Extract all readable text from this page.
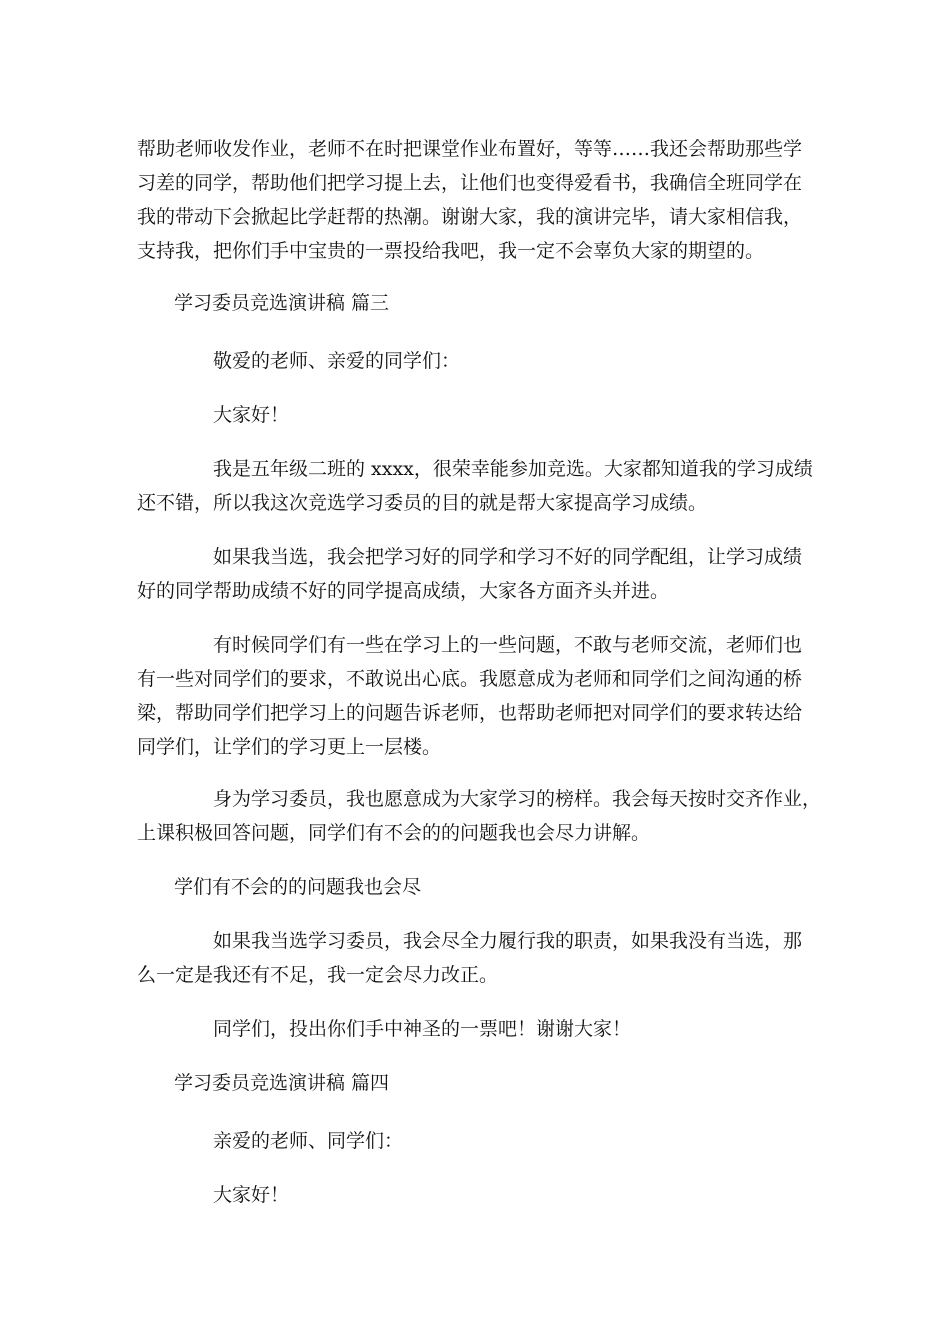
帮助老师收发作业，老师不在时把课堂作业布置好，等等……我还会帮助那些学
习差的同学，帮助他们把学习提上去，让他们也变得爱看书，我确信全班同学在
我的带动下会掀起比学赶帮的热潮。谢谢大家，我的演讲完毕，请大家相信我，
支持我，把你们手中宝贵的一票投给我吧，我一定不会辜负大家的期望的。
学习委员竞选演讲稿 篇三
敬爱的老师、亲爱的同学们：
大家好！
我是五年级二班的 xxxx，很荣幸能参加竞选。大家都知道我的学习成绩
还不错，所以我这次竞选学习委员的目的就是帮大家提高学习成绩。
如果我当选，我会把学习好的同学和学习不好的同学配组，让学习成绩
好的同学帮助成绩不好的同学提高成绩，大家各方面齐头并进。
有时候同学们有一些在学习上的一些问题，不敢与老师交流，老师们也
有一些对同学们的要求，不敢说出心底。我愿意成为老师和同学们之间沟通的桥
梁，帮助同学们把学习上的问题告诉老师，也帮助老师把对同学们的要求转达给
同学们，让学们的学习更上一层楼。
身为学习委员，我也愿意成为大家学习的榜样。我会每天按时交齐作业，
上课积极回答问题，同学们有不会的的问题我也会尽力讲解。
学们有不会的的问题我也会尽
如果我当选学习委员，我会尽全力履行我的职责，如果我没有当选，那
么一定是我还有不足，我一定会尽力改正。
同学们，投出你们手中神圣的一票吧！谢谢大家！
学习委员竞选演讲稿 篇四
亲爱的老师、同学们：
大家好！
